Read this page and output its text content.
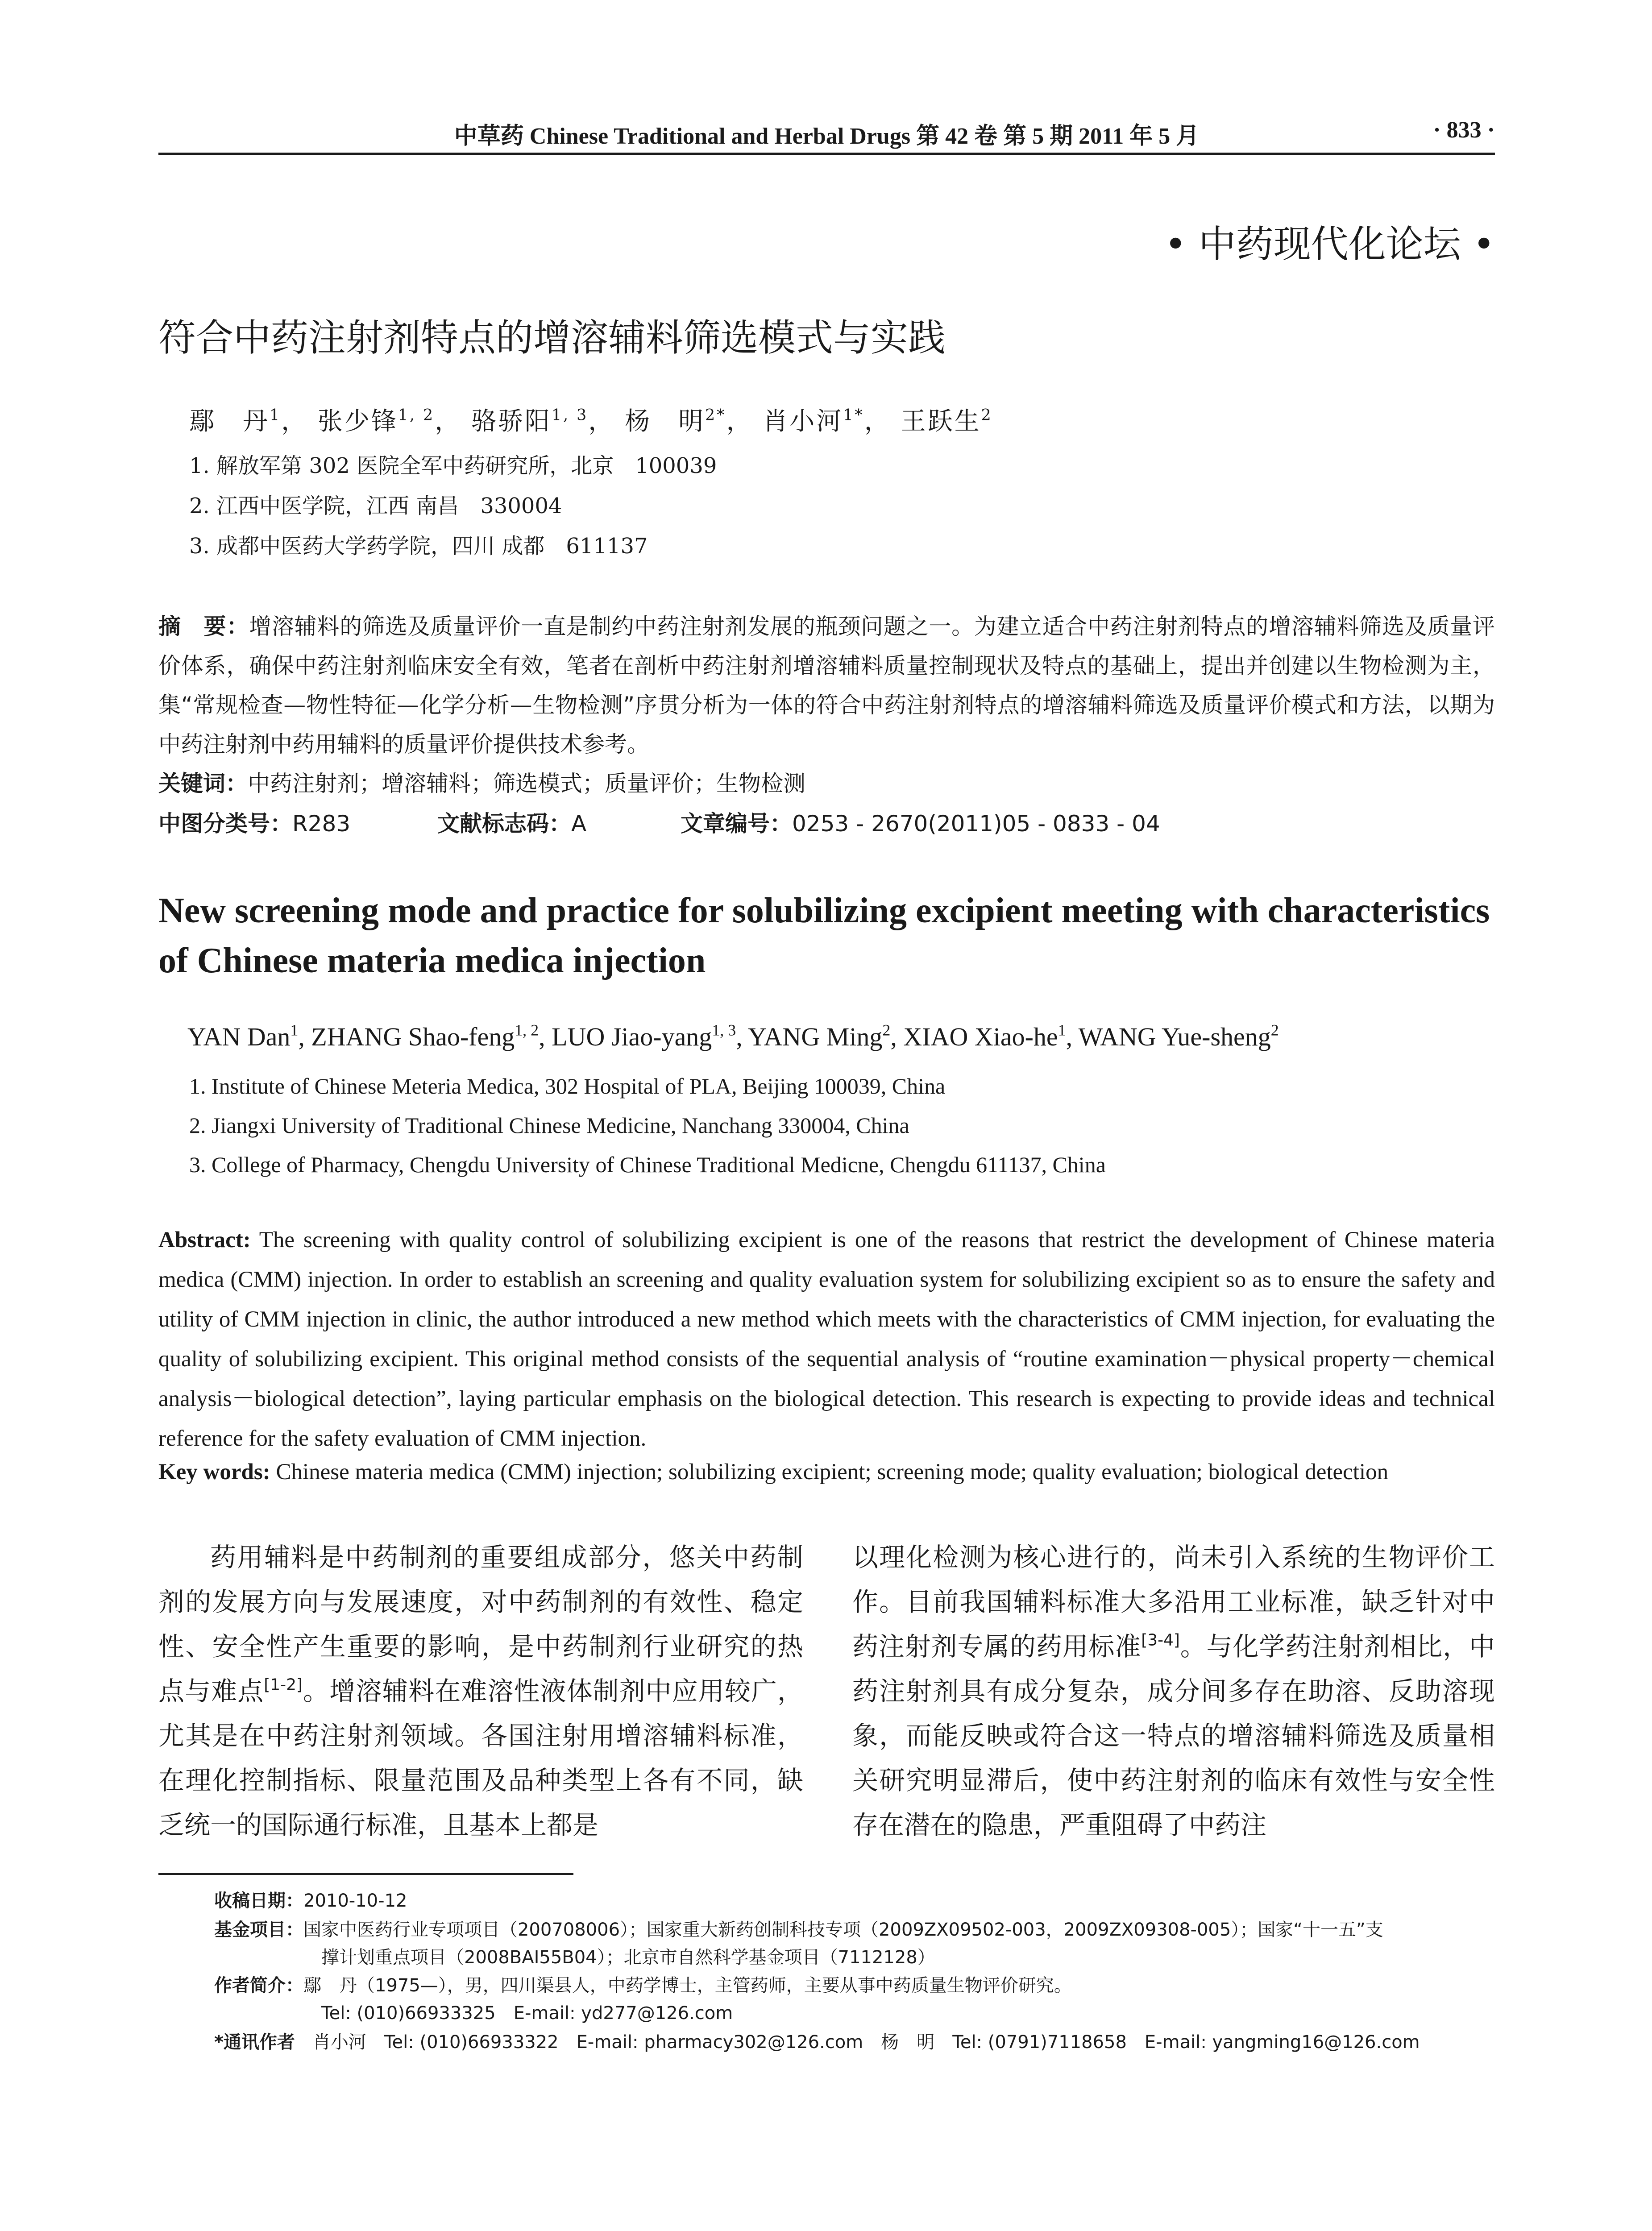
中草药 Chinese Traditional and Herbal Drugs 第 42 卷 第 5 期 2011 年 5 月	· 833 ·
• 中药现代化论坛 •
符合中药注射剂特点的增溶辅料筛选模式与实践
鄢　丹$^1$， 张少锋$^{1, 2}$， 骆骄阳$^{1, 3}$， 杨　明$^{2*}$， 肖小河$^{1*}$， 王跃生$^2$
1. 解放军第 302 医院全军中药研究所，北京　100039
2. 江西中医学院，江西 南昌　330004
3. 成都中医药大学药学院，四川 成都　611137
摘　要：增溶辅料的筛选及质量评价一直是制约中药注射剂发展的瓶颈问题之一。为建立适合中药注射剂特点的增溶辅料筛选及质量评价体系，确保中药注射剂临床安全有效，笔者在剖析中药注射剂增溶辅料质量控制现状及特点的基础上，提出并创建以生物检测为主，集“常规检查—物性特征—化学分析—生物检测”序贯分析为一体的符合中药注射剂特点的增溶辅料筛选及质量评价模式和方法，以期为中药注射剂中药用辅料的质量评价提供技术参考。
关键词：中药注射剂；增溶辅料；筛选模式；质量评价；生物检测
中图分类号：R283	文献标志码：A	文章编号：0253 - 2670(2011)05 - 0833 - 04
New screening mode and practice for solubilizing excipient meeting with characteristics
of Chinese materia medica injection
YAN Dan$^1$, ZHANG Shao-feng$^{1, 2}$, LUO Jiao-yang$^{1, 3}$, YANG Ming$^2$, XIAO Xiao-$he^1$, WANG Yue-sheng$^2$
1. Institute of Chinese Meteria Medica, 302 Hospital of PLA, Beijing 100039, China
2. Jiangxi University of Traditional Chinese Medicine, Nanchang 330004, China
3. College of Pharmacy, Chengdu University of Chinese Traditional Medicne, Chengdu 611137, China
Abstract: The screening with quality control of solubilizing excipient is one of the reasons that restrict the development of Chinese materia medica (CMM) injection. In order to establish an screening and quality evaluation system for solubilizing excipient so as to ensure the safety and utility of CMM injection in clinic, the author introduced a new method which meets with the characteristics of CMM injection, for evaluating the quality of solubilizing excipient. This original method consists of the sequential analysis of “routine examination－physical property－chemical analysis－biological detection”, laying particular emphasis on the biological detection. This research is expecting to provide ideas and technical reference for the safety evaluation of CMM injection.
Key words: Chinese materia medica (CMM) injection; solubilizing excipient; screening mode; quality evaluation; biological detection
药用辅料是中药制剂的重要组成部分，悠关中药制剂的发展方向与发展速度，对中药制剂的有效性、稳定性、安全性产生重要的影响，是中药制剂行业研究的热点与难点[1-2]。增溶辅料在难溶性液体制剂中应用较广，尤其是在中药注射剂领域。各国注射用增溶辅料标准，在理化控制指标、限量范围及品种类型上各有不同，缺乏统一的国际通行标准，且基本上都是
以理化检测为核心进行的，尚未引入系统的生物评价工作。目前我国辅料标准大多沿用工业标准，缺乏针对中药注射剂专属的药用标准[3-4]。与化学药注射剂相比，中药注射剂具有成分复杂，成分间多存在助溶、反助溶现象，而能反映或符合这一特点的增溶辅料筛选及质量相关研究明显滞后，使中药注射剂的临床有效性与安全性存在潜在的隐患，严重阻碍了中药注
收稿日期：2010-10-12
基金项目：国家中医药行业专项项目（200708006）；国家重大新药创制科技专项（2009ZX09502-003，2009ZX09308-005）；国家“十一五”支
撑计划重点项目（2008BAI55B04）；北京市自然科学基金项目（7112128）
作者简介：鄢　丹（1975—），男，四川渠县人，中药学博士，主管药师，主要从事中药质量生物评价研究。
Tel: (010)66933325　E-mail: yd277@126.com
*通讯作者　 肖小河　Tel: (010)66933322　E-mail: pharmacy302@126.com　杨　明　Tel: (0791)7118658　E-mail: yangming16@126.com
